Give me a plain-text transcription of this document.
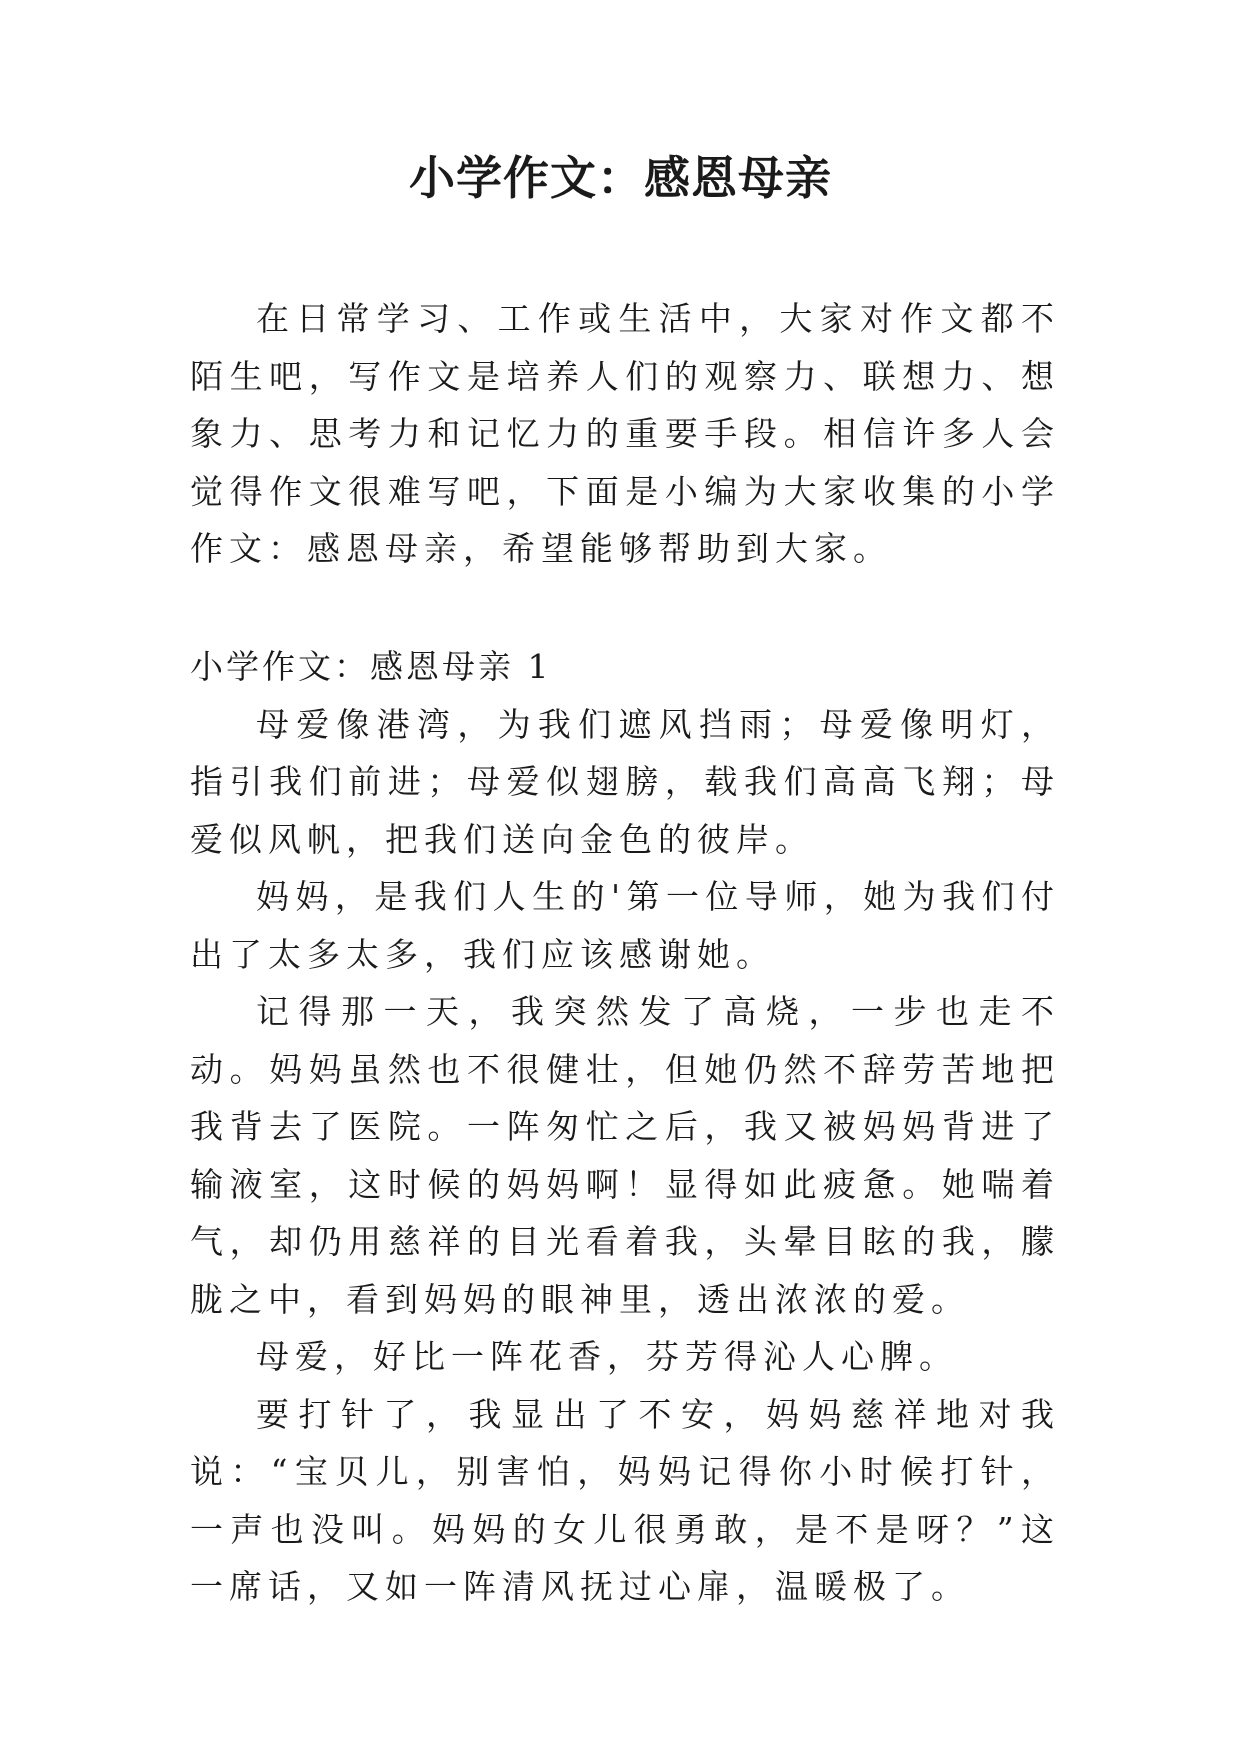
小学作文：感恩母亲

在日常学习、工作或生活中，大家对作文都不陌生吧，写作文是培养人们的观察力、联想力、想象力、思考力和记忆力的重要手段。相信许多人会觉得作文很难写吧，下面是小编为大家收集的小学作文：感恩母亲，希望能够帮助到大家。

小学作文：感恩母亲 1

母爱像港湾，为我们遮风挡雨；母爱像明灯，指引我们前进；母爱似翅膀，载我们高高飞翔；母爱似风帆，把我们送向金色的彼岸。

妈妈，是我们人生的'第一位导师，她为我们付出了太多太多，我们应该感谢她。

记得那一天，我突然发了高烧，一步也走不动。妈妈虽然也不很健壮，但她仍然不辞劳苦地把我背去了医院。一阵匆忙之后，我又被妈妈背进了输液室，这时候的妈妈啊！显得如此疲惫。她喘着气，却仍用慈祥的目光看着我，头晕目眩的我，朦胧之中，看到妈妈的眼神里，透出浓浓的爱。

母爱，好比一阵花香，芬芳得沁人心脾。

要打针了，我显出了不安，妈妈慈祥地对我说：“宝贝儿，别害怕，妈妈记得你小时候打针，一声也没叫。妈妈的女儿很勇敢，是不是呀？”这一席话，又如一阵清风抚过心扉，温暖极了。
